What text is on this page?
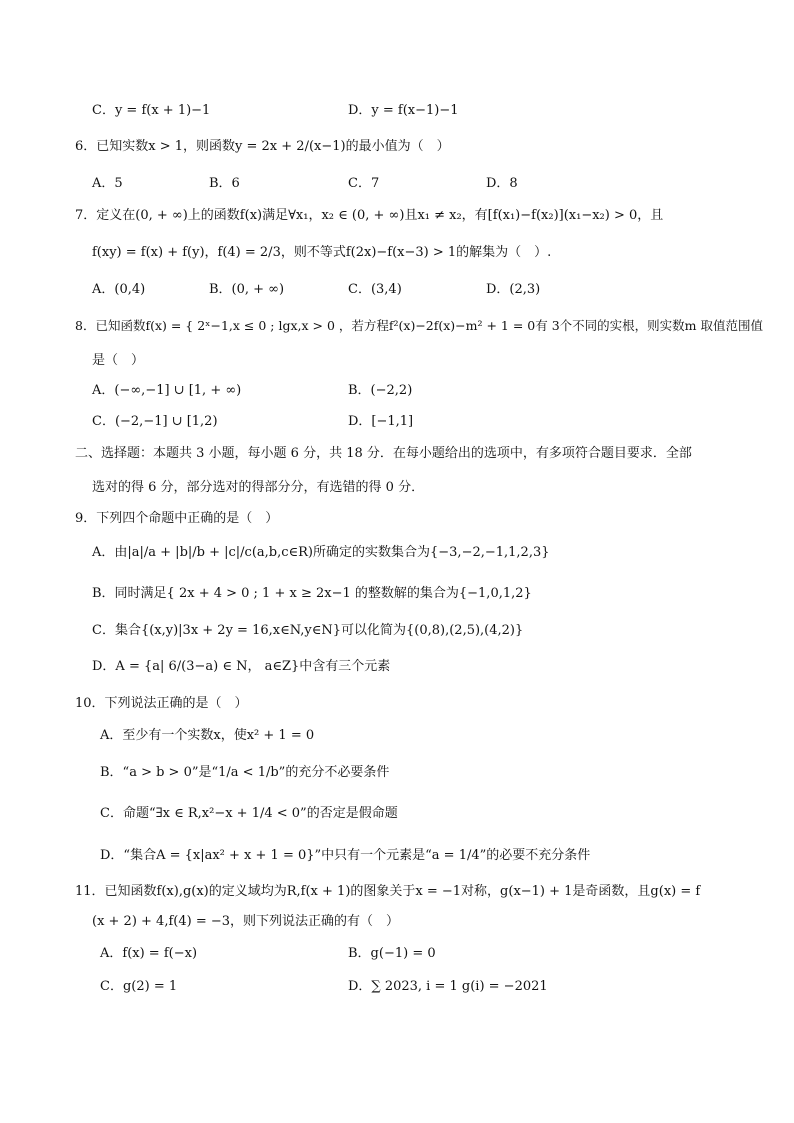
C．y = f(x + 1)−1	D．y = f(x−1)−1
6．已知实数x > 1，则函数y = 2x + 2/(x−1)的最小值为（　）
A．5	B．6	C．7	D．8
7．定义在(0, + ∞)上的函数f(x)满足∀x₁，x₂ ∈ (0, + ∞)且x₁ ≠ x₂，有[f(x₁)−f(x₂)](x₁−x₂) > 0，且
f(xy) = f(x) + f(y)，f(4) = 2/3，则不等式f(2x)−f(x−3) > 1的解集为（　）.
A．(0,4)	B．(0, + ∞)	C．(3,4)	D．(2,3)
8．已知函数f(x) = { 2ˣ−1,x ≤ 0 ; lgx,x > 0 ，若方程f²(x)−2f(x)−m² + 1 = 0有 3个不同的实根，则实数m 取值范围值
是（　）
A．(−∞,−1] ∪ [1, + ∞)	B．(−2,2)
C．(−2,−1] ∪ [1,2)	D．[−1,1]
二、选择题：本题共 3 小题，每小题 6 分，共 18 分．在每小题给出的选项中，有多项符合题目要求．全部
选对的得 6 分，部分选对的得部分分，有选错的得 0 分．
9．下列四个命题中正确的是（　）
A．由|a|/a + |b|/b + |c|/c(a,b,c∈R)所确定的实数集合为{−3,−2,−1,1,2,3}
B．同时满足{ 2x + 4 > 0 ; 1 + x ≥ 2x−1 的整数解的集合为{−1,0,1,2}
C．集合{(x,y)|3x + 2y = 16,x∈N,y∈N}可以化简为{(0,8),(2,5),(4,2)}
D．A = {a| 6/(3−a) ∈ N， a∈Z}中含有三个元素
10．下列说法正确的是（　）
A．至少有一个实数x，使x² + 1 = 0
B．“a > b > 0”是“1/a < 1/b”的充分不必要条件
C．命题“∃x ∈ R,x²−x + 1/4 < 0”的否定是假命题
D．“集合A = {x|ax² + x + 1 = 0}”中只有一个元素是“a = 1/4”的必要不充分条件
11．已知函数f(x),g(x)的定义域均为R,f(x + 1)的图象关于x = −1对称，g(x−1) + 1是奇函数，且g(x) = f
(x + 2) + 4,f(4) = −3，则下列说法正确的有（　）
A．f(x) = f(−x)	B．g(−1) = 0
C．g(2) = 1	D．∑ 2023, i = 1 g(i) = −2021
